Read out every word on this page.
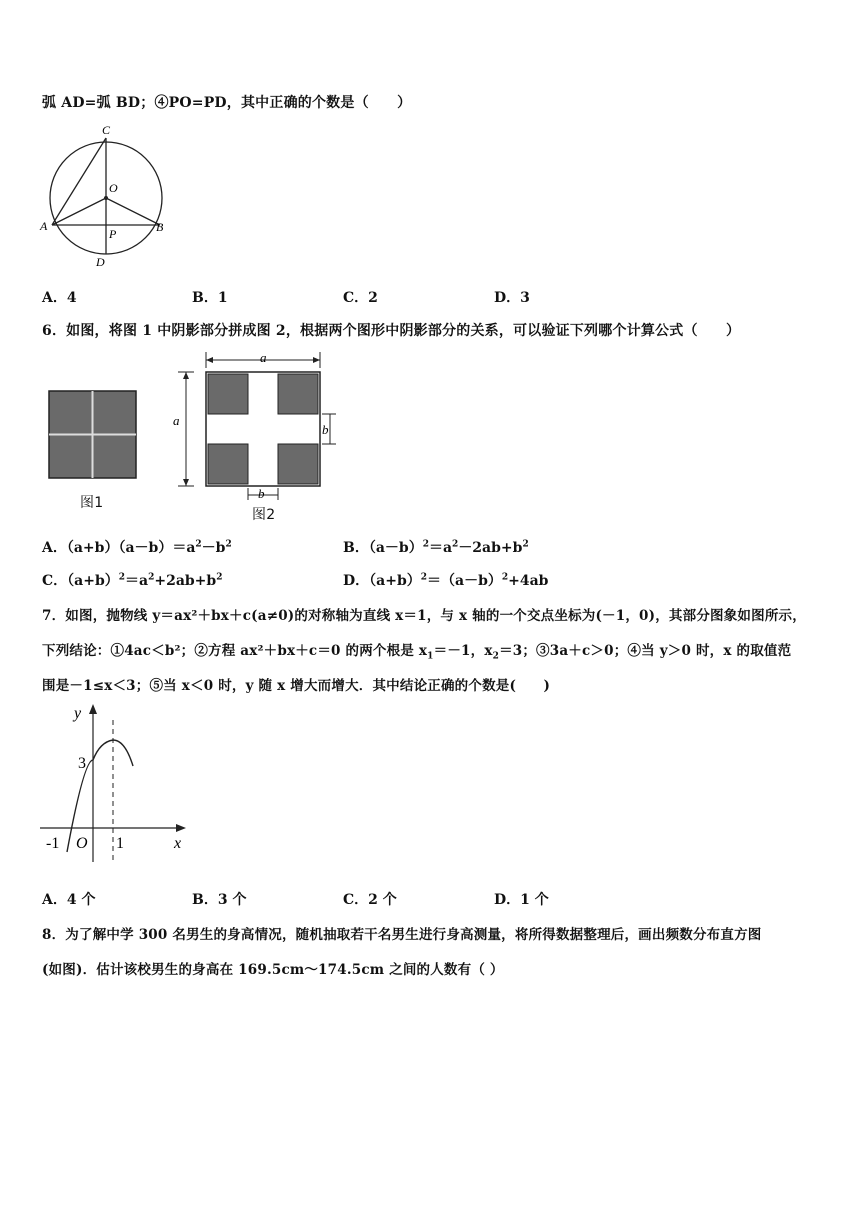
弧 AD=弧 BD；④PO=PD，其中正确的个数是（　　）
C
O
A	B
P
D
A．4	B．1	C．2	D．3
6．如图，将图 1 中阴影部分拼成图 2，根据两个图形中阴影部分的关系，可以验证下列哪个计算公式（　　）
图1
a
a
b
b
图2
A．$(a+b)(a-b)=a^2-b^2$	B．$(a-b)^2=a^2-2ab+b^2$
C．$(a+b)^2=a^2+2ab+b^2$	D．$(a+b)^2=(a-b)^2+4ab$
7．如图，抛物线 y＝ax²＋bx＋c(a≠0)的对称轴为直线 x＝1，与 x 轴的一个交点坐标为(－1，0)，其部分图象如图所示，
下列结论：①4ac＜b²；②方程 ax²＋bx＋c＝0 的两个根是 $x_1=-1$，$x_2=3$；③3a＋c＞0；④当 y＞0 时，x 的取值范
围是－1≤x＜3；⑤当 x＜0 时，y 随 x 增大而增大．其中结论正确的个数是(　　)
y
x
3
-1 O 1
A．4 个	B．3 个	C．2 个	D．1 个
8．为了解中学 300 名男生的身高情况，随机抽取若干名男生进行身高测量，将所得数据整理后，画出频数分布直方图
(如图)．估计该校男生的身高在 169.5cm～174.5cm 之间的人数有（ ）
